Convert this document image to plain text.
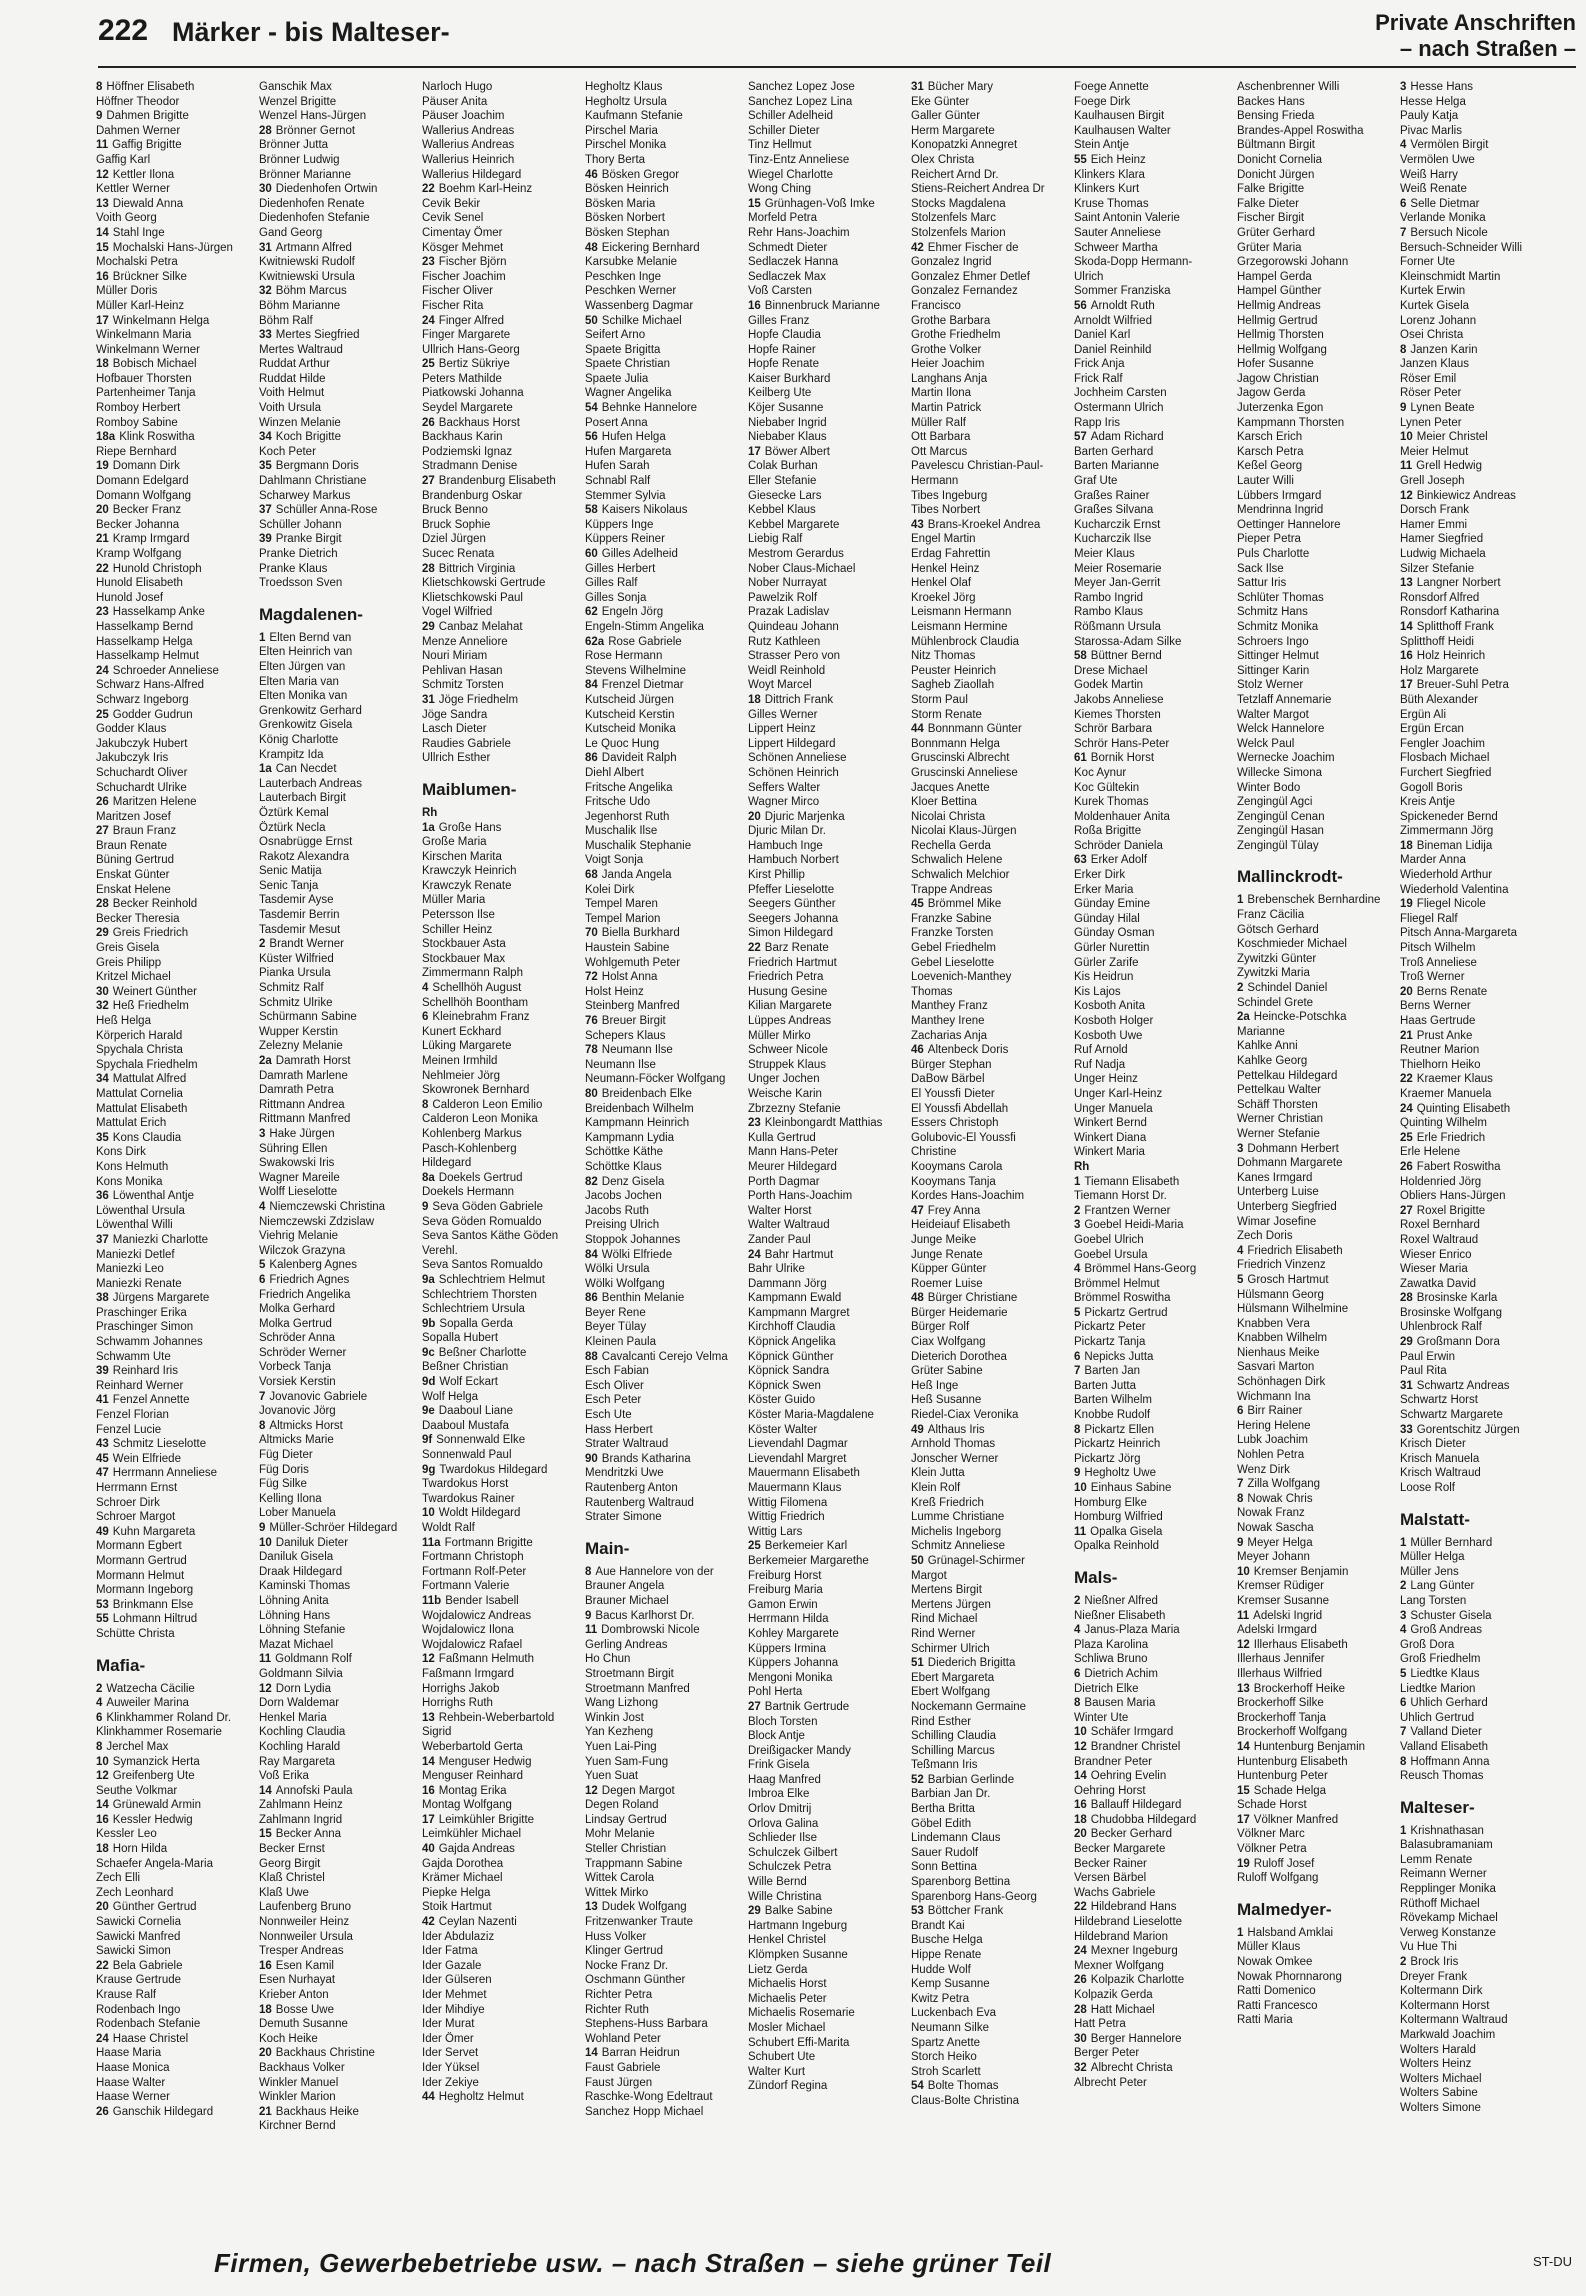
222 Märker - bis Malteser-	Private Anschriften
– nach Straßen –
8 Höffner Elisabeth
Höffner Theodor
9 Dahmen Brigitte
Dahmen Werner
11 Gaffig Brigitte
Gaffig Karl
12 Kettler Ilona
Kettler Werner
13 Diewald Anna
Voith Georg
14 Stahl Inge
15 Mochalski Hans-Jürgen
Mochalski Petra
16 Brückner Silke
Müller Doris
Müller Karl-Heinz
17 Winkelmann Helga
Winkelmann Maria
Winkelmann Werner
18 Bobisch Michael
Hofbauer Thorsten
Partenheimer Tanja
Romboy Herbert
Romboy Sabine
18a Klink Roswitha
Riepe Bernhard
19 Domann Dirk
Domann Edelgard
Domann Wolfgang
20 Becker Franz
Becker Johanna
21 Kramp Irmgard
Kramp Wolfgang
22 Hunold Christoph
Hunold Elisabeth
Hunold Josef
23 Hasselkamp Anke
Hasselkamp Bernd
Hasselkamp Helga
Hasselkamp Helmut
24 Schroeder Anneliese
Schwarz Hans-Alfred
Schwarz Ingeborg
25 Godder Gudrun
Godder Klaus
Jakubczyk Hubert
Jakubczyk Iris
Schuchardt Oliver
Schuchardt Ulrike
26 Maritzen Helene
Maritzen Josef
27 Braun Franz
Braun Renate
Büning Gertrud
Enskat Günter
Enskat Helene
28 Becker Reinhold
Becker Theresia
29 Greis Friedrich
Greis Gisela
Greis Philipp
Kritzel Michael
30 Weinert Günther
32 Heß Friedhelm
Heß Helga
Körperich Harald
Spychala Christa
Spychala Friedhelm
34 Mattulat Alfred
Mattulat Cornelia
Mattulat Elisabeth
Mattulat Erich
35 Kons Claudia
Kons Dirk
Kons Helmuth
Kons Monika
36 Löwenthal Antje
Löwenthal Ursula
Löwenthal Willi
37 Maniezki Charlotte
Maniezki Detlef
Maniezki Leo
Maniezki Renate
38 Jürgens Margarete
Praschinger Erika
Praschinger Simon
Schwamm Johannes
Schwamm Ute
39 Reinhard Iris
Reinhard Werner
41 Fenzel Annette
Fenzel Florian
Fenzel Lucie
43 Schmitz Lieselotte
45 Wein Elfriede
47 Herrmann Anneliese
Herrmann Ernst
Schroer Dirk
Schroer Margot
49 Kuhn Margareta
Mormann Egbert
Mormann Gertrud
Mormann Helmut
Mormann Ingeborg
53 Brinkmann Else
55 Lohmann Hiltrud
Schütte Christa
Mafia-
2 Watzecha Cäcilie
4 Auweiler Marina
6 Klinkhammer Roland Dr.
Klinkhammer Rosemarie
8 Jerchel Max
10 Symanzick Herta
12 Greifenberg Ute
Seuthe Volkmar
14 Grünewald Armin
16 Kessler Hedwig
Kessler Leo
18 Horn Hilda
Schaefer Angela-Maria
Zech Elli
Zech Leonhard
20 Günther Gertrud
Sawicki Cornelia
Sawicki Manfred
Sawicki Simon
22 Bela Gabriele
Krause Gertrude
Krause Ralf
Rodenbach Ingo
Rodenbach Stefanie
24 Haase Christel
Haase Maria
Haase Monica
Haase Walter
Haase Werner
26 Ganschik Hildegard
Ganschik Max
Wenzel Brigitte
Wenzel Hans-Jürgen
28 Brönner Gernot
Brönner Jutta
Brönner Ludwig
Brönner Marianne
30 Diedenhofen Ortwin
Diedenhofen Renate
Diedenhofen Stefanie
Gand Georg
31 Artmann Alfred
Kwitniewski Rudolf
Kwitniewski Ursula
32 Böhm Marcus
Böhm Marianne
Böhm Ralf
33 Mertes Siegfried
Mertes Waltraud
Ruddat Arthur
Ruddat Hilde
Voith Helmut
Voith Ursula
Winzen Melanie
34 Koch Brigitte
Koch Peter
35 Bergmann Doris
Dahlmann Christiane
Scharwey Markus
37 Schüller Anna-Rose
Schüller Johann
39 Pranke Birgit
Pranke Dietrich
Pranke Klaus
Troedsson Sven
Magdalenen-
1 Elten Bernd van
Elten Heinrich van
Elten Jürgen van
Elten Maria van
Elten Monika van
Grenkowitz Gerhard
Grenkowitz Gisela
König Charlotte
Krampitz Ida
1a Can Necdet
Lauterbach Andreas
Lauterbach Birgit
Öztürk Kemal
Öztürk Necla
Osnabrügge Ernst
Rakotz Alexandra
Senic Matija
Senic Tanja
Tasdemir Ayse
Tasdemir Berrin
Tasdemir Mesut
2 Brandt Werner
Küster Wilfried
Pianka Ursula
Schmitz Ralf
Schmitz Ulrike
Schürmann Sabine
Wupper Kerstin
Zelezny Melanie
2a Damrath Horst
Damrath Marlene
Damrath Petra
Rittmann Andrea
Rittmann Manfred
3 Hake Jürgen
Sühring Ellen
Swakowski Iris
Wagner Mareile
Wolff Lieselotte
4 Niemczewski Christina
Niemczewski Zdzislaw
Viehrig Melanie
Wilczok Grazyna
5 Kalenberg Agnes
6 Friedrich Agnes
Friedrich Angelika
Molka Gerhard
Molka Gertrud
Schröder Anna
Schröder Werner
Vorbeck Tanja
Vorsiek Kerstin
7 Jovanovic Gabriele
Jovanovic Jörg
8 Altmicks Horst
Altmicks Marie
Füg Dieter
Füg Doris
Füg Silke
Kelling Ilona
Lober Manuela
9 Müller-Schröer Hildegard
10 Daniluk Dieter
Daniluk Gisela
Draak Hildegard
Kaminski Thomas
Löhning Anita
Löhning Hans
Löhning Stefanie
Mazat Michael
11 Goldmann Rolf
Goldmann Silvia
12 Dorn Lydia
Dorn Waldemar
Henkel Maria
Kochling Claudia
Kochling Harald
Ray Margareta
Voß Erika
14 Annofski Paula
Zahlmann Heinz
Zahlmann Ingrid
15 Becker Anna
Becker Ernst
Georg Birgit
Klaß Christel
Klaß Uwe
Laufenberg Bruno
Nonnweiler Heinz
Nonnweiler Ursula
Tresper Andreas
16 Esen Kamil
Esen Nurhayat
Krieber Anton
18 Bosse Uwe
Demuth Susanne
Koch Heike
20 Backhaus Christine
Backhaus Volker
Winkler Manuel
Winkler Marion
21 Backhaus Heike
Kirchner Bernd
Narloch Hugo
Päuser Anita
Päuser Joachim
Wallerius Andreas
Wallerius Andreas
Wallerius Heinrich
Wallerius Hildegard
22 Boehm Karl-Heinz
Cevik Bekir
Cevik Senel
Cimentay Ömer
Kösger Mehmet
23 Fischer Björn
Fischer Joachim
Fischer Oliver
Fischer Rita
24 Finger Alfred
Finger Margarete
Ullrich Hans-Georg
25 Bertiz Sükriye
Peters Mathilde
Piatkowski Johanna
Seydel Margarete
26 Backhaus Horst
Backhaus Karin
Podziemski Ignaz
Stradmann Denise
27 Brandenburg Elisabeth
Brandenburg Oskar
Bruck Benno
Bruck Sophie
Dziel Jürgen
Sucec Renata
28 Bittrich Virginia
Klietschkowski Gertrude
Klietschkowski Paul
Vogel Wilfried
29 Canbaz Melahat
Menze Anneliore
Nouri Miriam
Pehlivan Hasan
Schmitz Torsten
31 Jöge Friedhelm
Jöge Sandra
Lasch Dieter
Raudies Gabriele
Ullrich Esther
Maiblumen-
Rh
1a Große Hans
Große Maria
Kirschen Marita
Krawczyk Heinrich
Krawczyk Renate
Müller Maria
Petersson Ilse
Schiller Heinz
Stockbauer Asta
Stockbauer Max
Zimmermann Ralph
4 Schellhöh August
Schellhöh Boontham
6 Kleinebrahm Franz
Kunert Eckhard
Lüking Margarete
Meinen Irmhild
Nehlmeier Jörg
Skowronek Bernhard
8 Calderon Leon Emilio
Calderon Leon Monika
Kohlenberg Markus
Pasch-Kohlenberg
Hildegard
8a Doekels Gertrud
Doekels Hermann
9 Seva Göden Gabriele
Seva Göden Romualdo
Seva Santos Käthe Göden
Verehl.
Seva Santos Romualdo
9a Schlechtriem Helmut
Schlechtriem Thorsten
Schlechtriem Ursula
9b Sopalla Gerda
Sopalla Hubert
9c Beßner Charlotte
Beßner Christian
9d Wolf Eckart
Wolf Helga
9e Daaboul Liane
Daaboul Mustafa
9f Sonnenwald Elke
Sonnenwald Paul
9g Twardokus Hildegard
Twardokus Horst
Twardokus Rainer
10 Woldt Hildegard
Woldt Ralf
11a Fortmann Brigitte
Fortmann Christoph
Fortmann Rolf-Peter
Fortmann Valerie
11b Bender Isabell
Wojdalowicz Andreas
Wojdalowicz Ilona
Wojdalowicz Rafael
12 Faßmann Helmuth
Faßmann Irmgard
Horrighs Jakob
Horrighs Ruth
13 Rehbein-Weberbartold
Sigrid
Weberbartold Gerta
14 Menguser Hedwig
Menguser Reinhard
16 Montag Erika
Montag Wolfgang
17 Leimkühler Brigitte
Leimkühler Michael
40 Gajda Andreas
Gajda Dorothea
Krämer Michael
Piepke Helga
Stoik Hartmut
42 Ceylan Nazenti
Ider Abdulaziz
Ider Fatma
Ider Gazale
Ider Gülseren
Ider Mehmet
Ider Mihdiye
Ider Murat
Ider Ömer
Ider Servet
Ider Yüksel
Ider Zekiye
44 Hegholtz Helmut
Hegholtz Klaus
Hegholtz Ursula
Kaufmann Stefanie
Pirschel Maria
Pirschel Monika
Thory Berta
46 Bösken Gregor
Bösken Heinrich
Bösken Maria
Bösken Norbert
Bösken Stephan
48 Eickering Bernhard
Karsubke Melanie
Peschken Inge
Peschken Werner
Wassenberg Dagmar
50 Schilke Michael
Seifert Arno
Spaete Brigitta
Spaete Christian
Spaete Julia
Wagner Angelika
54 Behnke Hannelore
Posert Anna
56 Hufen Helga
Hufen Margareta
Hufen Sarah
Schnabl Ralf
Stemmer Sylvia
58 Kaisers Nikolaus
Küppers Inge
Küppers Reiner
60 Gilles Adelheid
Gilles Herbert
Gilles Ralf
Gilles Sonja
62 Engeln Jörg
Engeln-Stimm Angelika
62a Rose Gabriele
Rose Hermann
Stevens Wilhelmine
84 Frenzel Dietmar
Kutscheid Jürgen
Kutscheid Kerstin
Kutscheid Monika
Le Quoc Hung
86 Davideit Ralph
Diehl Albert
Fritsche Angelika
Fritsche Udo
Jegenhorst Ruth
Muschalik Ilse
Muschalik Stephanie
Voigt Sonja
68 Janda Angela
Kolei Dirk
Tempel Maren
Tempel Marion
70 Biella Burkhard
Haustein Sabine
Wohlgemuth Peter
72 Holst Anna
Holst Heinz
Steinberg Manfred
76 Breuer Birgit
Schepers Klaus
78 Neumann Ilse
Neumann Ilse
Neumann-Föcker Wolfgang
80 Breidenbach Elke
Breidenbach Wilhelm
Kampmann Heinrich
Kampmann Lydia
Schöttke Käthe
Schöttke Klaus
82 Denz Gisela
Jacobs Jochen
Jacobs Ruth
Preising Ulrich
Stoppok Johannes
84 Wölki Elfriede
Wölki Ursula
Wölki Wolfgang
86 Benthin Melanie
Beyer Rene
Beyer Tülay
Kleinen Paula
88 Cavalcanti Cerejo Velma
Esch Fabian
Esch Oliver
Esch Peter
Esch Ute
Hass Herbert
Strater Waltraud
90 Brands Katharina
Mendritzki Uwe
Rautenberg Anton
Rautenberg Waltraud
Strater Simone
Main-
8 Aue Hannelore von der
Brauner Angela
Brauner Michael
9 Bacus Karlhorst Dr.
11 Dombrowski Nicole
Gerling Andreas
Ho Chun
Stroetmann Birgit
Stroetmann Manfred
Wang Lizhong
Winkin Jost
Yan Kezheng
Yuen Lai-Ping
Yuen Sam-Fung
Yuen Suat
12 Degen Margot
Degen Roland
Lindsay Gertrud
Mohr Melanie
Steller Christian
Trappmann Sabine
Wittek Carola
Wittek Mirko
13 Dudek Wolfgang
Fritzenwanker Traute
Huss Volker
Klinger Gertrud
Nocke Franz Dr.
Oschmann Günther
Richter Petra
Richter Ruth
Stephens-Huss Barbara
Wohland Peter
14 Barran Heidrun
Faust Gabriele
Faust Jürgen
Raschke-Wong Edeltraut
Sanchez Hopp Michael
Sanchez Lopez Jose
Sanchez Lopez Lina
Schiller Adelheid
Schiller Dieter
Tinz Hellmut
Tinz-Entz Anneliese
Wiegel Charlotte
Wong Ching
15 Grünhagen-Voß Imke
Morfeld Petra
Rehr Hans-Joachim
Schmedt Dieter
Sedlaczek Hanna
Sedlaczek Max
Voß Carsten
16 Binnenbruck Marianne
Gilles Franz
Hopfe Claudia
Hopfe Rainer
Hopfe Renate
Kaiser Burkhard
Keilberg Ute
Köjer Susanne
Niebaber Ingrid
Niebaber Klaus
17 Böwer Albert
Colak Burhan
Eller Stefanie
Giesecke Lars
Kebbel Klaus
Kebbel Margarete
Liebig Ralf
Mestrom Gerardus
Nober Claus-Michael
Nober Nurrayat
Pawelzik Rolf
Prazak Ladislav
Quindeau Johann
Rutz Kathleen
Strasser Pero von
Weidl Reinhold
Woyt Marcel
18 Dittrich Frank
Gilles Werner
Lippert Heinz
Lippert Hildegard
Schönen Anneliese
Schönen Heinrich
Seffers Walter
Wagner Mirco
20 Djuric Marjenka
Djuric Milan Dr.
Hambuch Inge
Hambuch Norbert
Kirst Phillip
Pfeffer Lieselotte
Seegers Günther
Seegers Johanna
Simon Hildegard
22 Barz Renate
Friedrich Hartmut
Friedrich Petra
Husung Gesine
Kilian Margarete
Lüppes Andreas
Müller Mirko
Schweer Nicole
Struppek Klaus
Unger Jochen
Weische Karin
Zbrzezny Stefanie
23 Kleinbongardt Matthias
Kulla Gertrud
Mann Hans-Peter
Meurer Hildegard
Porth Dagmar
Porth Hans-Joachim
Walter Horst
Walter Waltraud
Zander Paul
24 Bahr Hartmut
Bahr Ulrike
Dammann Jörg
Kampmann Ewald
Kampmann Margret
Kirchhoff Claudia
Köpnick Angelika
Köpnick Günther
Köpnick Sandra
Köpnick Swen
Köster Guido
Köster Maria-Magdalene
Köster Walter
Lievendahl Dagmar
Lievendahl Margret
Mauermann Elisabeth
Mauermann Klaus
Wittig Filomena
Wittig Friedrich
Wittig Lars
25 Berkemeier Karl
Berkemeier Margarethe
Freiburg Horst
Freiburg Maria
Gamon Erwin
Herrmann Hilda
Kohley Margarete
Küppers Irmina
Küppers Johanna
Mengoni Monika
Pohl Herta
27 Bartnik Gertrude
Bloch Torsten
Block Antje
Dreißigacker Mandy
Frink Gisela
Haag Manfred
Imbroa Elke
Orlov Dmitrij
Orlova Galina
Schlieder Ilse
Schulczek Gilbert
Schulczek Petra
Wille Bernd
Wille Christina
29 Balke Sabine
Hartmann Ingeburg
Henkel Christel
Klömpken Susanne
Lietz Gerda
Michaelis Horst
Michaelis Peter
Michaelis Rosemarie
Mosler Michael
Schubert Effi-Marita
Schubert Ute
Walter Kurt
Zündorf Regina
31 Bücher Mary
Eke Günter
Galler Günter
Herm Margarete
Konopatzki Annegret
Olex Christa
Reichert Arnd Dr.
Stiens-Reichert Andrea Dr
Stocks Magdalena
Stolzenfels Marc
Stolzenfels Marion
42 Ehmer Fischer de
Gonzalez Ingrid
Gonzalez Ehmer Detlef
Gonzalez Fernandez
Francisco
Grothe Barbara
Grothe Friedhelm
Grothe Volker
Heier Joachim
Langhans Anja
Martin Ilona
Martin Patrick
Müller Ralf
Ott Barbara
Ott Marcus
Pavelescu Christian-Paul-
Hermann
Tibes Ingeburg
Tibes Norbert
43 Brans-Kroekel Andrea
Engel Martin
Erdag Fahrettin
Henkel Heinz
Henkel Olaf
Kroekel Jörg
Leismann Hermann
Leismann Hermine
Mühlenbrock Claudia
Nitz Thomas
Peuster Heinrich
Sagheb Ziaollah
Storm Paul
Storm Renate
44 Bonnmann Günter
Bonnmann Helga
Gruscinski Albrecht
Gruscinski Anneliese
Jacques Anette
Kloer Bettina
Nicolai Christa
Nicolai Klaus-Jürgen
Rechella Gerda
Schwalich Helene
Schwalich Melchior
Trappe Andreas
45 Brömmel Mike
Franzke Sabine
Franzke Torsten
Gebel Friedhelm
Gebel Lieselotte
Loevenich-Manthey
Thomas
Manthey Franz
Manthey Irene
Zacharias Anja
46 Altenbeck Doris
Bürger Stephan
DaBow Bärbel
El Youssfi Dieter
El Youssfi Abdellah
Essers Christoph
Golubovic-El Youssfi
Christine
Kooymans Carola
Kooymans Tanja
Kordes Hans-Joachim
47 Frey Anna
Heideiauf Elisabeth
Junge Meike
Junge Renate
Küpper Günter
Roemer Luise
48 Bürger Christiane
Bürger Heidemarie
Bürger Rolf
Ciax Wolfgang
Dieterich Dorothea
Grüter Sabine
Heß Inge
Heß Susanne
Riedel-Ciax Veronika
49 Althaus Iris
Arnhold Thomas
Jonscher Werner
Klein Jutta
Klein Rolf
Kreß Friedrich
Lumme Christiane
Michelis Ingeborg
Schmitz Anneliese
50 Grünagel-Schirmer
Margot
Mertens Birgit
Mertens Jürgen
Rind Michael
Rind Werner
Schirmer Ulrich
51 Diederich Brigitta
Ebert Margareta
Ebert Wolfgang
Nockemann Germaine
Rind Esther
Schilling Claudia
Schilling Marcus
Teßmann Iris
52 Barbian Gerlinde
Barbian Jan Dr.
Bertha Britta
Göbel Edith
Lindemann Claus
Sauer Rudolf
Sonn Bettina
Sparenborg Bettina
Sparenborg Hans-Georg
53 Böttcher Frank
Brandt Kai
Busche Helga
Hippe Renate
Hudde Wolf
Kemp Susanne
Kwitz Petra
Luckenbach Eva
Neumann Silke
Spartz Anette
Storch Heiko
Stroh Scarlett
54 Bolte Thomas
Claus-Bolte Christina
Foege Annette
Foege Dirk
Kaulhausen Birgit
Kaulhausen Walter
Stein Antje
55 Eich Heinz
Klinkers Klara
Klinkers Kurt
Kruse Thomas
Saint Antonin Valerie
Sauter Anneliese
Schweer Martha
Skoda-Dopp Hermann-
Ulrich
Sommer Franziska
56 Arnoldt Ruth
Arnoldt Wilfried
Daniel Karl
Daniel Reinhild
Frick Anja
Frick Ralf
Jochheim Carsten
Ostermann Ulrich
Rapp Iris
57 Adam Richard
Barten Gerhard
Barten Marianne
Graf Ute
Graßes Rainer
Graßes Silvana
Kucharczik Ernst
Kucharczik Ilse
Meier Klaus
Meier Rosemarie
Meyer Jan-Gerrit
Rambo Ingrid
Rambo Klaus
Rößmann Ursula
Starossa-Adam Silke
58 Büttner Bernd
Drese Michael
Godek Martin
Jakobs Anneliese
Kiemes Thorsten
Schrör Barbara
Schrör Hans-Peter
61 Bornik Horst
Koc Aynur
Koc Gültekin
Kurek Thomas
Moldenhauer Anita
Roßa Brigitte
Schröder Daniela
63 Erker Adolf
Erker Dirk
Erker Maria
Günday Emine
Günday Hilal
Günday Osman
Gürler Nurettin
Gürler Zarife
Kis Heidrun
Kis Lajos
Kosboth Anita
Kosboth Holger
Kosboth Uwe
Ruf Arnold
Ruf Nadja
Unger Heinz
Unger Karl-Heinz
Unger Manuela
Winkert Bernd
Winkert Diana
Winkert Maria
Rh
1 Tiemann Elisabeth
Tiemann Horst Dr.
2 Frantzen Werner
3 Goebel Heidi-Maria
Goebel Ulrich
Goebel Ursula
4 Brömmel Hans-Georg
Brömmel Helmut
Brömmel Roswitha
5 Pickartz Gertrud
Pickartz Peter
Pickartz Tanja
6 Nepicks Jutta
7 Barten Jan
Barten Jutta
Barten Wilhelm
Knobbe Rudolf
8 Pickartz Ellen
Pickartz Heinrich
Pickartz Jörg
9 Hegholtz Uwe
10 Einhaus Sabine
Homburg Elke
Homburg Wilfried
11 Opalka Gisela
Opalka Reinhold
Mals-
2 Nießner Alfred
Nießner Elisabeth
4 Janus-Plaza Maria
Plaza Karolina
Schliwa Bruno
6 Dietrich Achim
Dietrich Elke
8 Bausen Maria
Winter Ute
10 Schäfer Irmgard
12 Brandner Christel
Brandner Peter
14 Oehring Evelin
Oehring Horst
16 Ballauff Hildegard
18 Chudobba Hildegard
20 Becker Gerhard
Becker Margarete
Becker Rainer
Versen Bärbel
Wachs Gabriele
22 Hildebrand Hans
Hildebrand Lieselotte
Hildebrand Marion
24 Mexner Ingeburg
Mexner Wolfgang
26 Kolpazik Charlotte
Kolpazik Gerda
28 Hatt Michael
Hatt Petra
30 Berger Hannelore
Berger Peter
32 Albrecht Christa
Albrecht Peter
Aschenbrenner Willi
Backes Hans
Bensing Frieda
Brandes-Appel Roswitha
Bültmann Birgit
Donicht Cornelia
Donicht Jürgen
Falke Brigitte
Falke Dieter
Fischer Birgit
Grüter Gerhard
Grüter Maria
Grzegorowski Johann
Hampel Gerda
Hampel Günther
Hellmig Andreas
Hellmig Gertrud
Hellmig Thorsten
Hellmig Wolfgang
Hofer Susanne
Jagow Christian
Jagow Gerda
Juterzenka Egon
Kampmann Thorsten
Karsch Erich
Karsch Petra
Keßel Georg
Lauter Willi
Lübbers Irmgard
Mendrinna Ingrid
Oettinger Hannelore
Pieper Petra
Puls Charlotte
Sack Ilse
Sattur Iris
Schlüter Thomas
Schmitz Hans
Schmitz Monika
Schroers Ingo
Sittinger Helmut
Sittinger Karin
Stolz Werner
Tetzlaff Annemarie
Walter Margot
Welck Hannelore
Welck Paul
Wernecke Joachim
Willecke Simona
Winter Bodo
Zengingül Agci
Zengingül Cenan
Zengingül Hasan
Zengingül Tülay
Mallinckrodt-
1 Brebenschek Bernhardine
Franz Cäcilia
Götsch Gerhard
Koschmieder Michael
Zywitzki Günter
Zywitzki Maria
2 Schindel Daniel
Schindel Grete
2a Heincke-Potschka
Marianne
Kahlke Anni
Kahlke Georg
Pettelkau Hildegard
Pettelkau Walter
Schäff Thorsten
Werner Christian
Werner Stefanie
3 Dohmann Herbert
Dohmann Margarete
Kanes Irmgard
Unterberg Luise
Unterberg Siegfried
Wimar Josefine
Zech Doris
4 Friedrich Elisabeth
Friedrich Vinzenz
5 Grosch Hartmut
Hülsmann Georg
Hülsmann Wilhelmine
Knabben Vera
Knabben Wilhelm
Nienhaus Meike
Sasvari Marton
Schönhagen Dirk
Wichmann Ina
6 Birr Rainer
Hering Helene
Lubk Joachim
Nohlen Petra
Wenz Dirk
7 Zilla Wolfgang
8 Nowak Chris
Nowak Franz
Nowak Sascha
9 Meyer Helga
Meyer Johann
10 Kremser Benjamin
Kremser Rüdiger
Kremser Susanne
11 Adelski Ingrid
Adelski Irmgard
12 Illerhaus Elisabeth
Illerhaus Jennifer
Illerhaus Wilfried
13 Brockerhoff Heike
Brockerhoff Silke
Brockerhoff Tanja
Brockerhoff Wolfgang
14 Huntenburg Benjamin
Huntenburg Elisabeth
Huntenburg Peter
15 Schade Helga
Schade Horst
17 Völkner Manfred
Völkner Marc
Völkner Petra
19 Ruloff Josef
Ruloff Wolfgang
Malmedyer-
1 Halsband Amklai
Müller Klaus
Nowak Omkee
Nowak Phornnarong
Ratti Domenico
Ratti Francesco
Ratti Maria
3 Hesse Hans
Hesse Helga
Pauly Katja
Pivac Marlis
4 Vermölen Birgit
Vermölen Uwe
Weiß Harry
Weiß Renate
6 Selle Dietmar
Verlande Monika
7 Bersuch Nicole
Bersuch-Schneider Willi
Forner Ute
Kleinschmidt Martin
Kurtek Erwin
Kurtek Gisela
Lorenz Johann
Osei Christa
8 Janzen Karin
Janzen Klaus
Röser Emil
Röser Peter
9 Lynen Beate
Lynen Peter
10 Meier Christel
Meier Helmut
11 Grell Hedwig
Grell Joseph
12 Binkiewicz Andreas
Dorsch Frank
Hamer Emmi
Hamer Siegfried
Ludwig Michaela
Silzer Stefanie
13 Langner Norbert
Ronsdorf Alfred
Ronsdorf Katharina
14 Splitthoff Frank
Splitthoff Heidi
16 Holz Heinrich
Holz Margarete
17 Breuer-Suhl Petra
Büth Alexander
Ergün Ali
Ergün Ercan
Fengler Joachim
Flosbach Michael
Furchert Siegfried
Gogoll Boris
Kreis Antje
Spickeneder Bernd
Zimmermann Jörg
18 Bineman Lidija
Marder Anna
Wiederhold Arthur
Wiederhold Valentina
19 Fliegel Nicole
Fliegel Ralf
Pitsch Anna-Margareta
Pitsch Wilhelm
Troß Anneliese
Troß Werner
20 Berns Renate
Berns Werner
Haas Gertrude
21 Prust Anke
Reutner Marion
Thielhorn Heiko
22 Kraemer Klaus
Kraemer Manuela
24 Quinting Elisabeth
Quinting Wilhelm
25 Erle Friedrich
Erle Helene
26 Fabert Roswitha
Holdenried Jörg
Obliers Hans-Jürgen
27 Roxel Brigitte
Roxel Bernhard
Roxel Waltraud
Wieser Enrico
Wieser Maria
Zawatka David
28 Brosinske Karla
Brosinske Wolfgang
Uhlenbrock Ralf
29 Großmann Dora
Paul Erwin
Paul Rita
31 Schwartz Andreas
Schwartz Horst
Schwartz Margarete
33 Gorentschitz Jürgen
Krisch Dieter
Krisch Manuela
Krisch Waltraud
Loose Rolf
Malstatt-
1 Müller Bernhard
Müller Helga
Müller Jens
2 Lang Günter
Lang Torsten
3 Schuster Gisela
4 Groß Andreas
Groß Dora
Groß Friedhelm
5 Liedtke Klaus
Liedtke Marion
6 Uhlich Gerhard
Uhlich Gertrud
7 Valland Dieter
Valland Elisabeth
8 Hoffmann Anna
Reusch Thomas
Malteser-
1 Krishnathasan
Balasubramaniam
Lemm Renate
Reimann Werner
Repplinger Monika
Rüthoff Michael
Rövekamp Michael
Verweg Konstanze
Vu Hue Thi
2 Brock Iris
Dreyer Frank
Koltermann Dirk
Koltermann Horst
Koltermann Waltraud
Markwald Joachim
Wolters Harald
Wolters Heinz
Wolters Michael
Wolters Sabine
Wolters Simone
Firmen, Gewerbebetriebe usw. – nach Straßen – siehe grüner Teil	ST-DU
